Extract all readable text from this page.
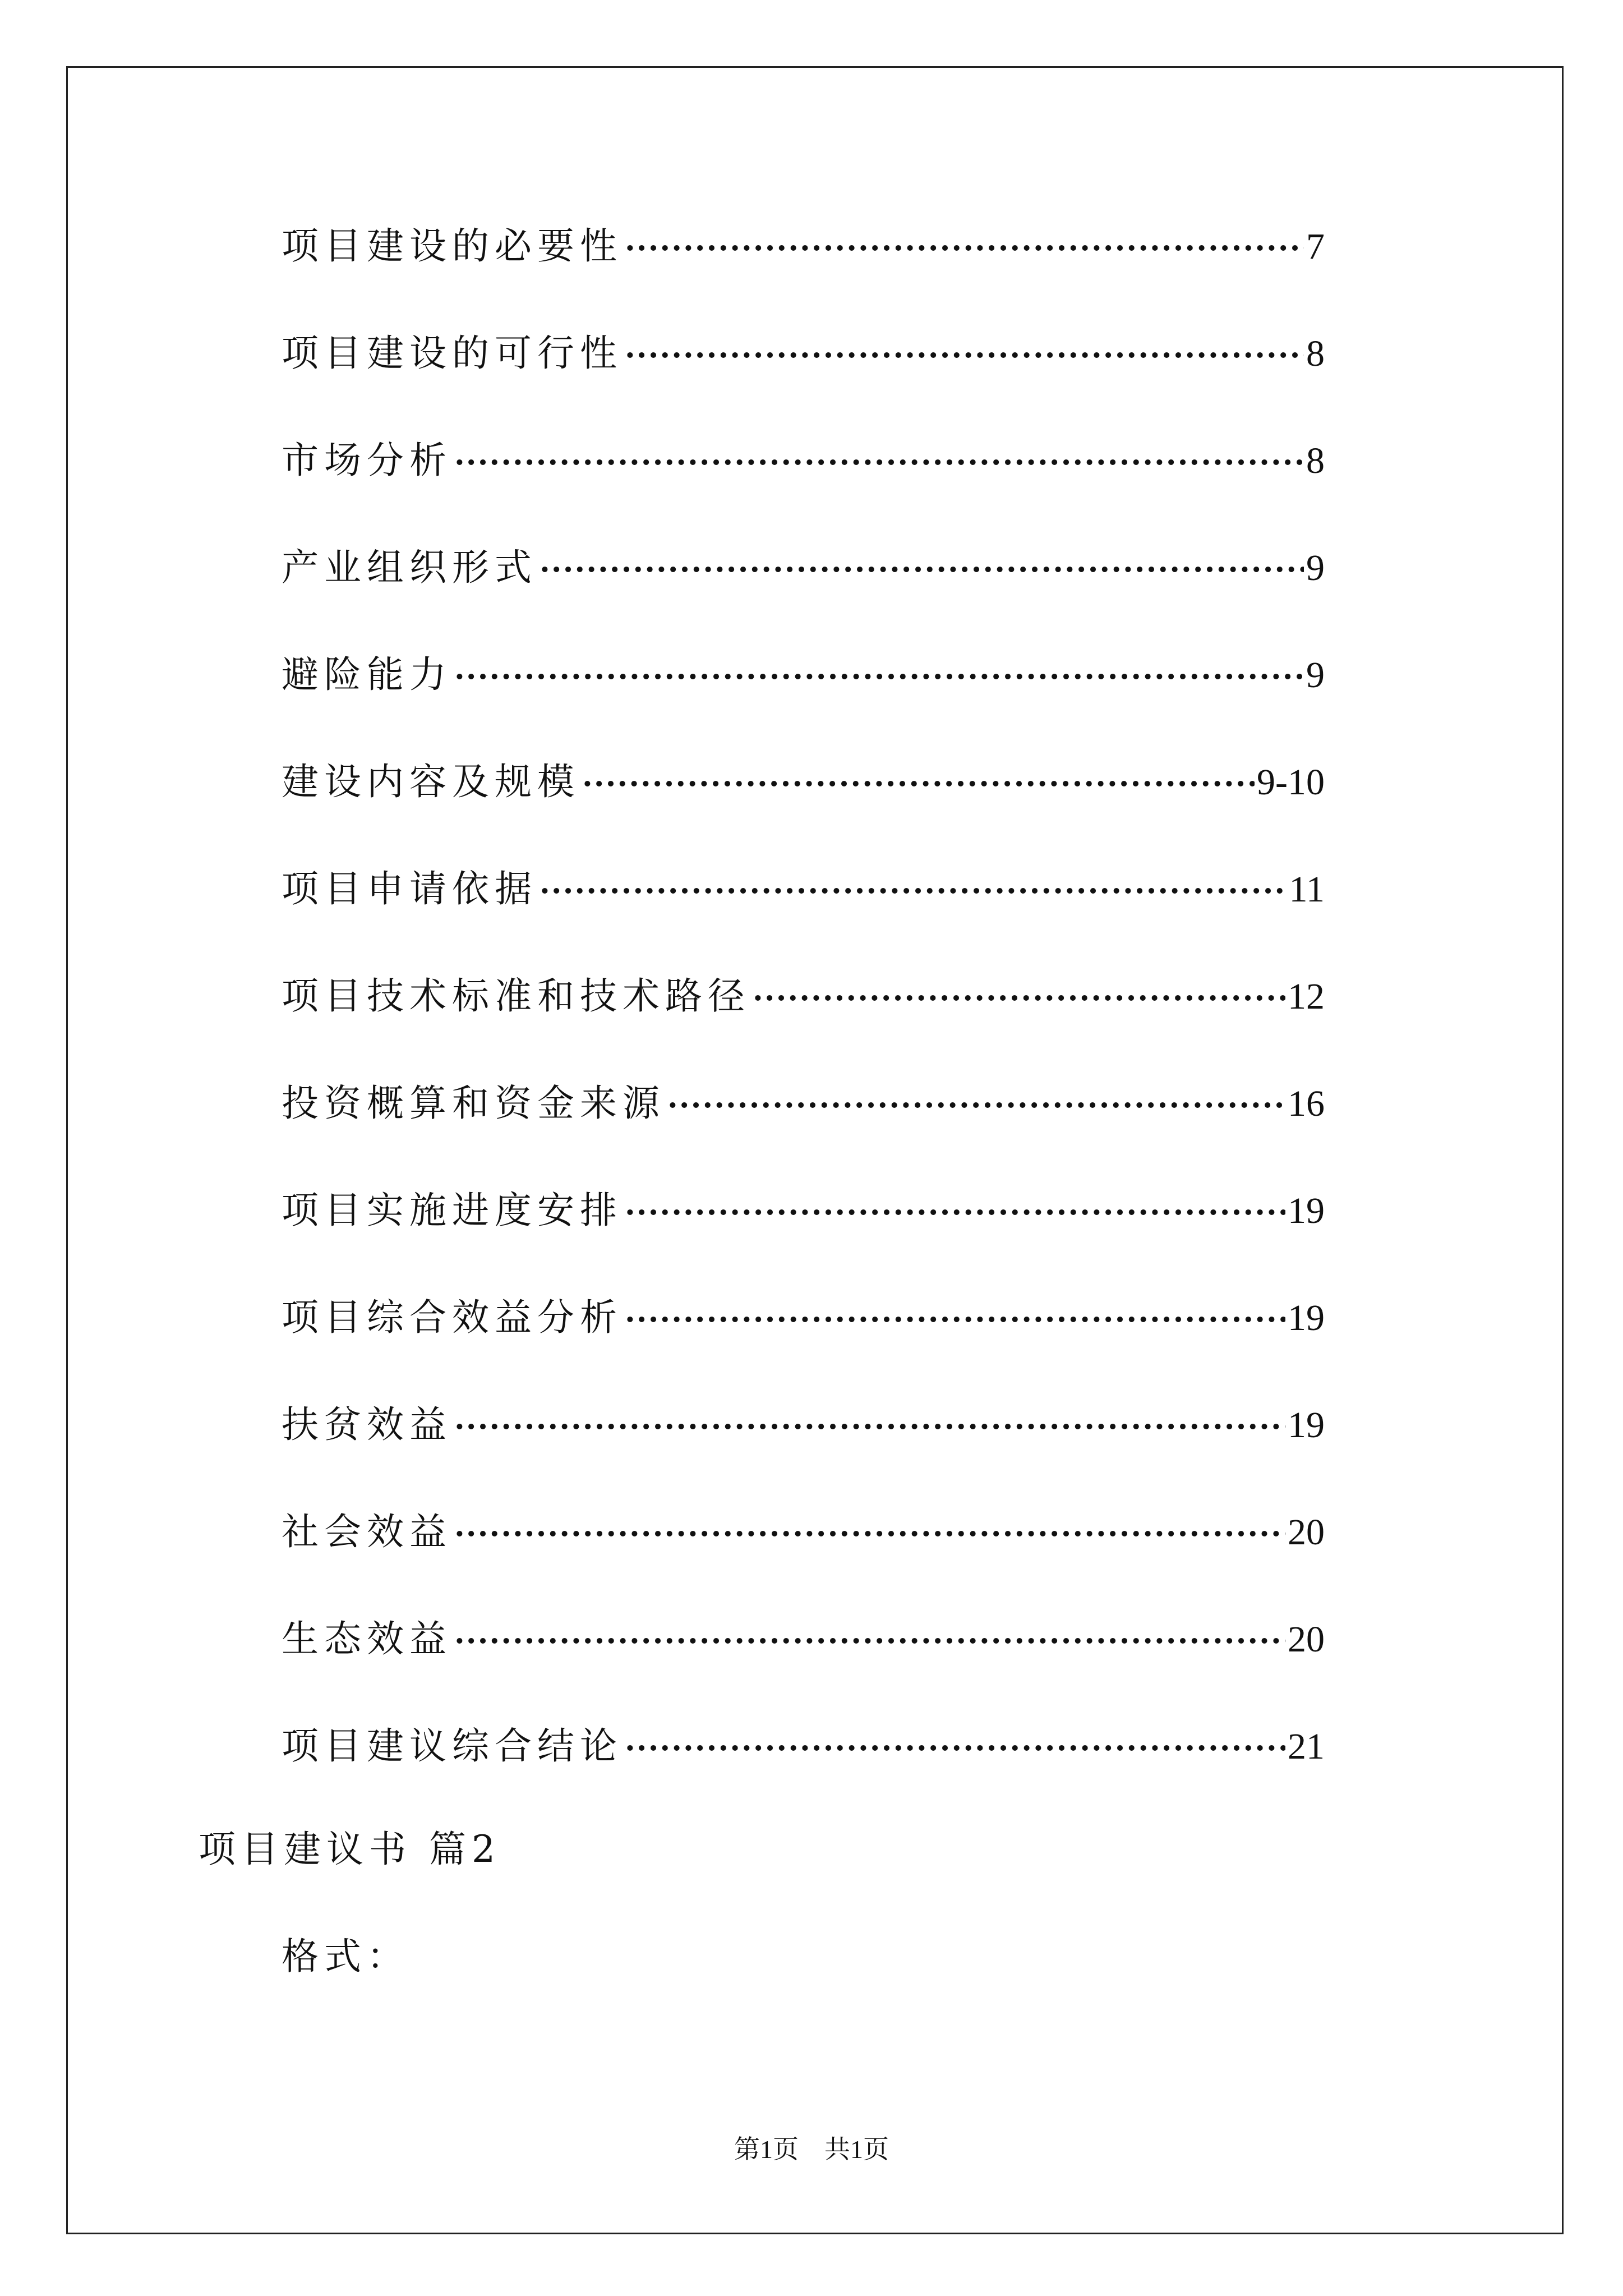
项目建设的必要性 ·····	7
项目建设的可行性 ·····	8
市场分析 ·····	8
产业组织形式 ·····	9
避险能力 ·····	9
建设内容及规模 ·····	9-10
项目申请依据 ·····	11
项目技术标准和技术路径 ·····	12
投资概算和资金来源 ·····	16
项目实施进度安排 ·····	19
项目综合效益分析 ·····	19
扶贫效益 ·····	19
社会效益 ·····	20
生态效益 ·····	20
项目建议综合结论 ·····	21
项目建议书 篇2
格式：
第1页　共1页
